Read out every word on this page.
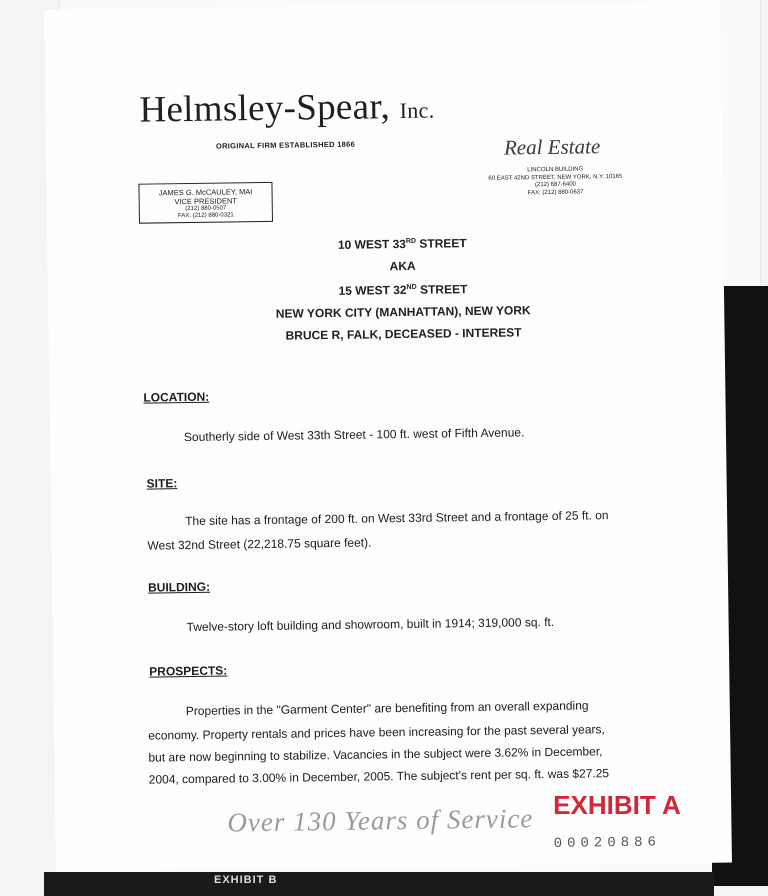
EXHIBIT B
Helmsley-Spear, Inc.
ORIGINAL FIRM ESTABLISHED 1866	Real Estate
LINCOLN BUILDING
60 EAST 42ND STREET, NEW YORK, N.Y. 10165
(212) 687-6400
FAX: (212) 880-0637
JAMES G. McCAULEY, MAI
VICE PRESIDENT
(212) 880-0507
FAX: (212) 880-0321
10 WEST 33RD STREET
AKA
15 WEST 32ND STREET
NEW YORK CITY (MANHATTAN), NEW YORK
BRUCE R, FALK, DECEASED - INTEREST
LOCATION:
Southerly side of West 33th Street - 100 ft. west of Fifth Avenue.
SITE:
The site has a frontage of 200 ft. on West 33rd Street and a frontage of 25 ft. on
West 32nd Street (22,218.75 square feet).
BUILDING:
Twelve-story loft building and showroom, built in 1914; 319,000 sq. ft.
PROSPECTS:
Properties in the "Garment Center" are benefiting from an overall expanding
economy. Property rentals and prices have been increasing for the past several years,
but are now beginning to stabilize. Vacancies in the subject were 3.62% in December,
2004, compared to 3.00% in December, 2005. The subject's rent per sq. ft. was $27.25
Over 130 Years of Service EXHIBIT A
00020886
